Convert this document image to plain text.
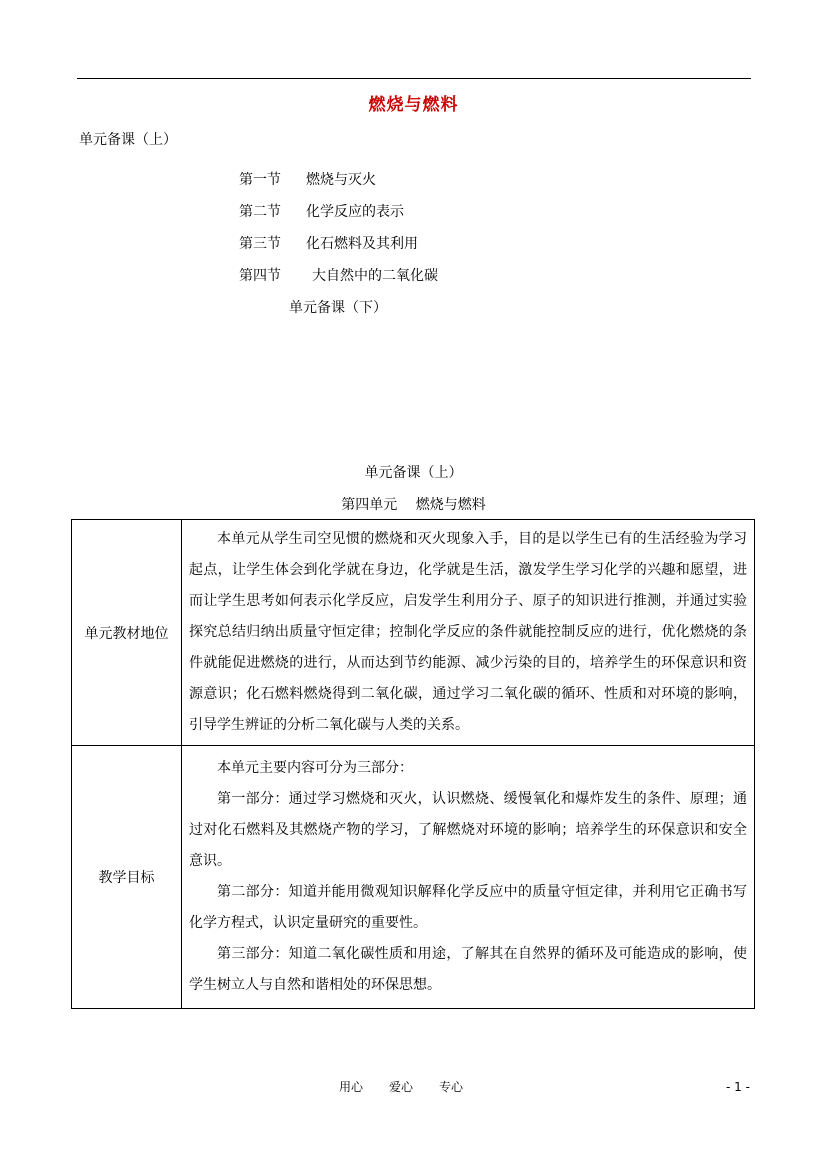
燃烧与燃料
单元备课（上）
第一节 燃烧与灭火
第二节 化学反应的表示
第三节 化石燃料及其利用
第四节 大自然中的二氧化碳
单元备课（下）
单元备课（上）
第四单元　 燃烧与燃料
单元教材地位	本单元从学生司空见惯的燃烧和灭火现象入手，目的是以学生已有的生活经验为学习起点，让学生体会到化学就在身边，化学就是生活，激发学生学习化学的兴趣和愿望，进而让学生思考如何表示化学反应，启发学生利用分子、原子的知识进行推测，并通过实验探究总结归纳出质量守恒定律；控制化学反应的条件就能控制反应的进行，优化燃烧的条件就能促进燃烧的进行，从而达到节约能源、减少污染的目的，培养学生的环保意识和资源意识；化石燃料燃烧得到二氧化碳，通过学习二氧化碳的循环、性质和对环境的影响，引导学生辨证的分析二氧化碳与人类的关系。

教学目标	本单元主要内容可分为三部分：

第一部分：通过学习燃烧和灭火，认识燃烧、缓慢氧化和爆炸发生的条件、原理；通过对化石燃料及其燃烧产物的学习，了解燃烧对环境的影响；培养学生的环保意识和安全意识。

第二部分：知道并能用微观知识解释化学反应中的质量守恒定律，并利用它正确书写化学方程式，认识定量研究的重要性。

第三部分：知道二氧化碳性质和用途，了解其在自然界的循环及可能造成的影响，使学生树立人与自然和谐相处的环保思想。

用心 爱心 专心	- 1 -
